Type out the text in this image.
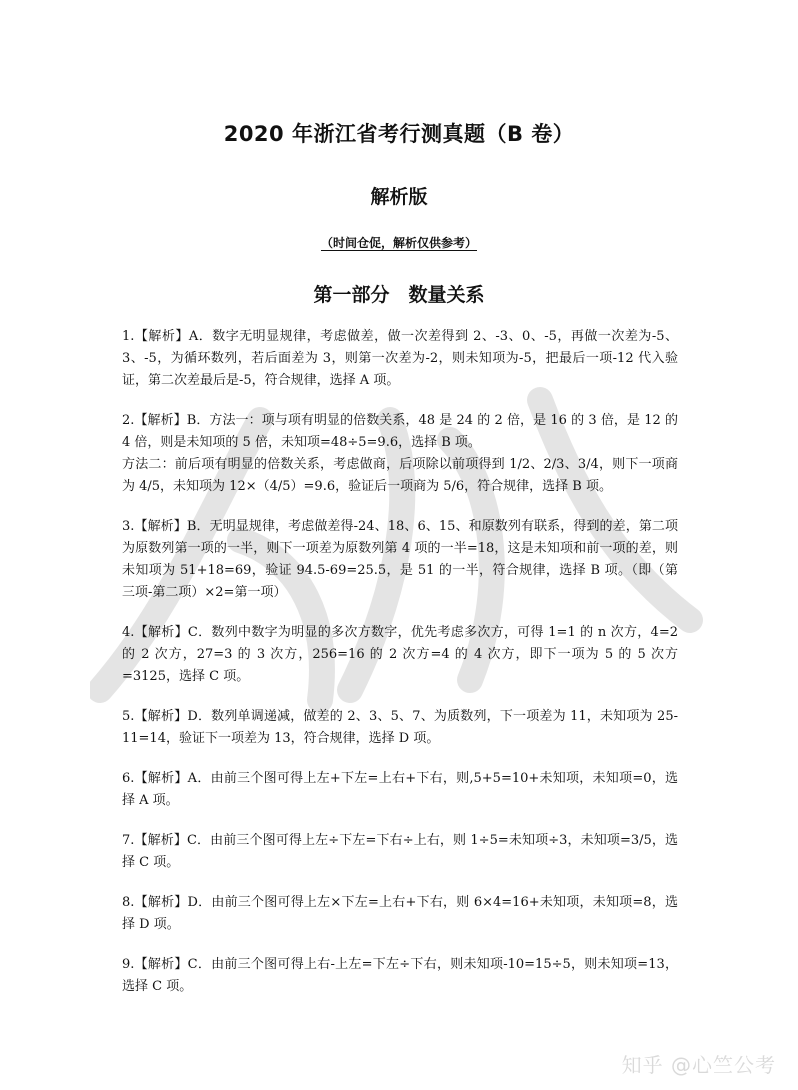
2020 年浙江省考行测真题（B 卷）
解析版
（时间仓促，解析仅供参考）
第一部分　数量关系

1.【解析】A．数字无明显规律，考虑做差，做一次差得到 2、-3、0、-5，再做一次差为-5、3、-5，为循环数列，若后面差为 3，则第一次差为-2，则未知项为-5，把最后一项-12 代入验证，第二次差最后是-5，符合规律，选择 A 项。

2.【解析】B．方法一：项与项有明显的倍数关系，48 是 24 的 2 倍，是 16 的 3 倍，是 12 的 4 倍，则是未知项的 5 倍，未知项=48÷5=9.6，选择 B 项。

方法二：前后项有明显的倍数关系，考虑做商，后项除以前项得到 1/2、2/3、3/4，则下一项商为 4/5，未知项为 12×（4/5）=9.6，验证后一项商为 5/6，符合规律，选择 B 项。

3.【解析】B．无明显规律，考虑做差得-24、18、6、15、和原数列有联系，得到的差，第二项为原数列第一项的一半，则下一项差为原数列第 4 项的一半=18，这是未知项和前一项的差，则未知项为 51+18=69，验证 94.5-69=25.5，是 51 的一半，符合规律，选择 B 项。（即（第三项-第二项）×2=第一项）

4.【解析】C．数列中数字为明显的多次方数字，优先考虑多次方，可得 1=1 的 n 次方，4=2 的 2 次方，27=3 的 3 次方，256=16 的 2 次方=4 的 4 次方，即下一项为 5 的 5 次方=3125，选择 C 项。

5.【解析】D．数列单调递减，做差的 2、3、5、7、为质数列，下一项差为 11，未知项为 25-11=14，验证下一项差为 13，符合规律，选择 D 项。

6.【解析】A．由前三个图可得上左+下左=上右+下右，则,5+5=10+未知项，未知项=0，选择 A 项。

7.【解析】C．由前三个图可得上左÷下左=下右÷上右，则 1÷5=未知项÷3，未知项=3/5，选择 C 项。

8.【解析】D．由前三个图可得上左×下左=上右+下右，则 6×4=16+未知项，未知项=8，选择 D 项。

9.【解析】C．由前三个图可得上右-上左=下左÷下右，则未知项-10=15÷5，则未知项=13，选择 C 项。

知乎 @心竺公考
